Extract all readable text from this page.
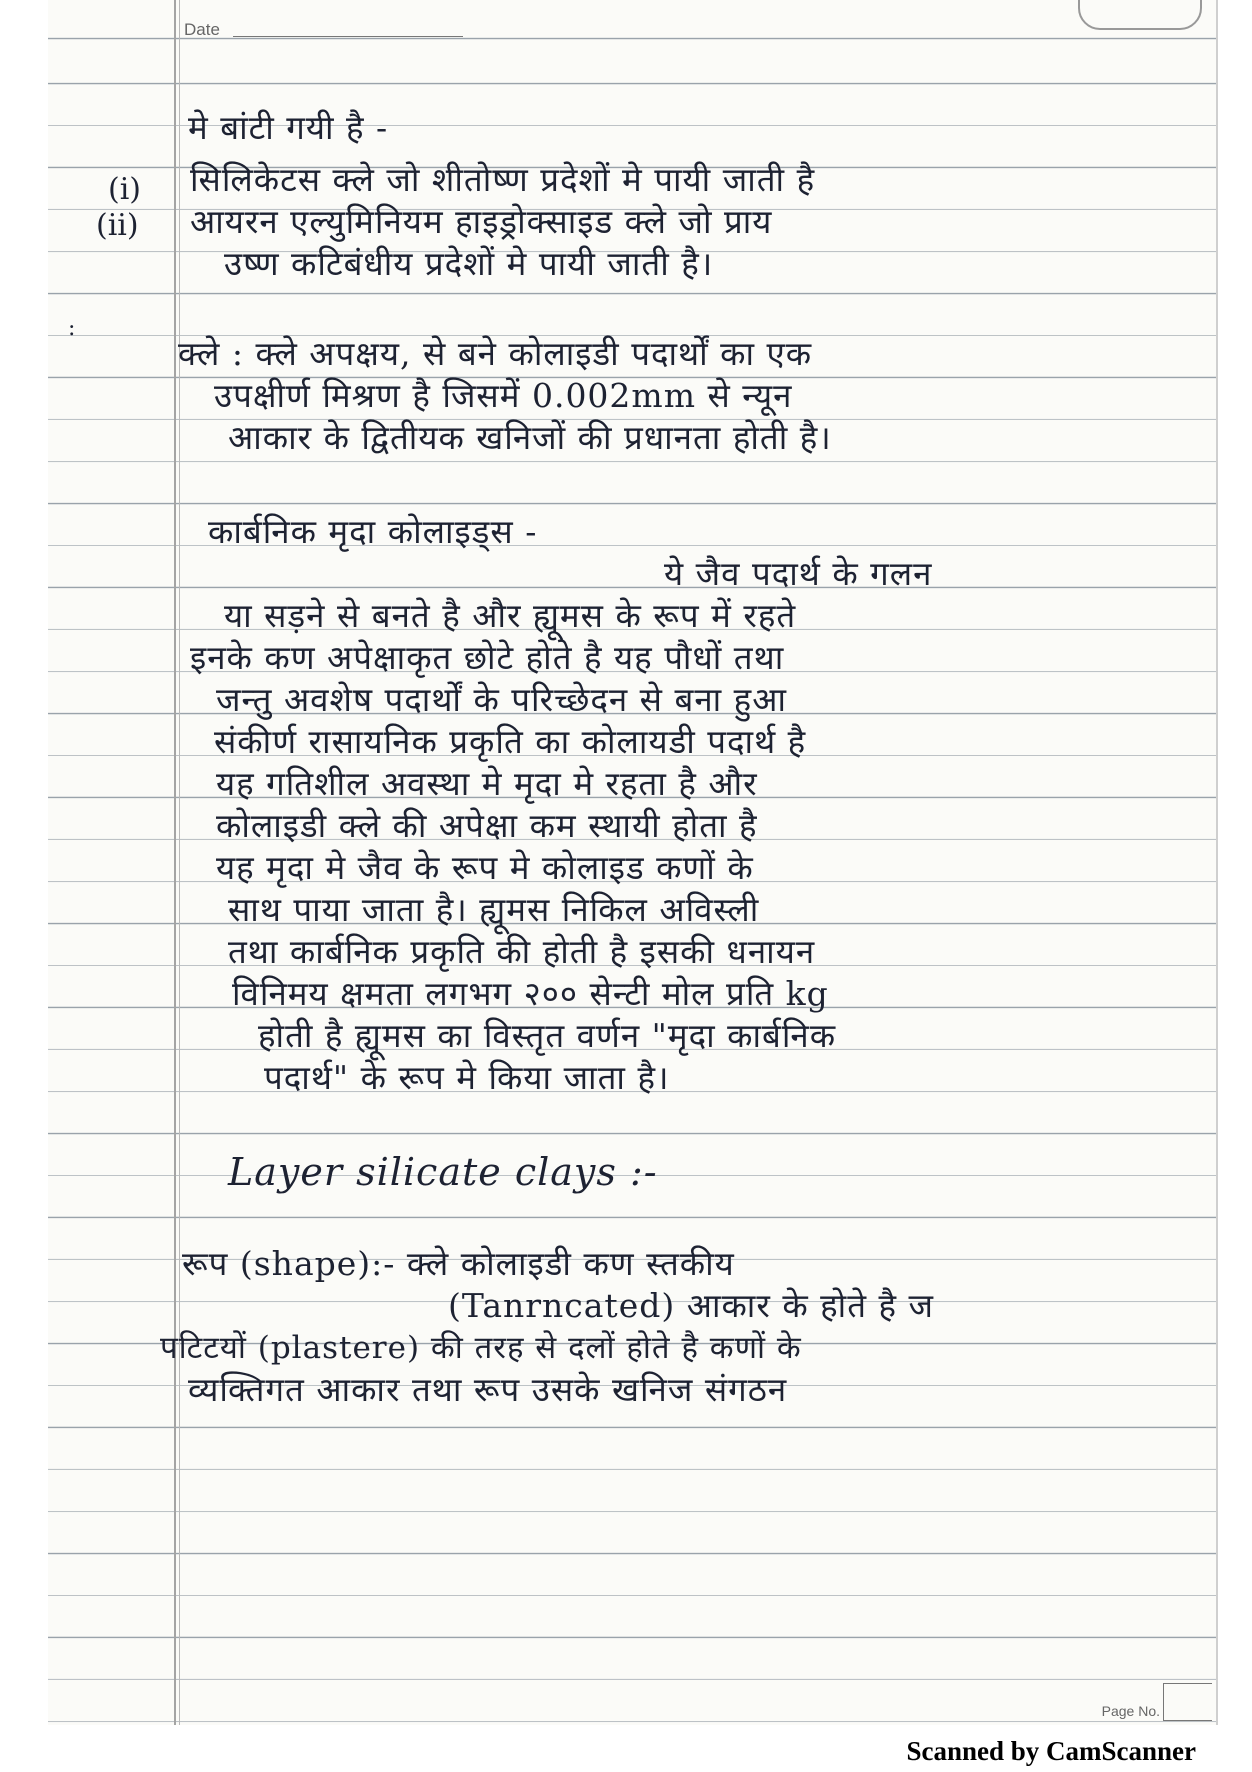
Date
(i)
(ii)
:
मे बांटी गयी है -
सिलिकेटस क्ले जो शीतोष्ण प्रदेशों मे पायी जाती है
आयरन एल्युमिनियम हाइड्रोक्साइड क्ले जो प्राय
उष्ण कटिबंधीय प्रदेशों मे पायी जाती है।
क्ले : क्ले अपक्षय, से बने कोलाइडी पदार्थों का एक
उपक्षीर्ण मिश्रण है जिसमें 0.002mm से न्यून
आकार के द्वितीयक खनिजों की प्रधानता होती है।
कार्बनिक मृदा कोलाइड्स -
ये जैव पदार्थ के गलन
या सड़ने से बनते है और ह्यूमस के रूप में रहते
इनके कण अपेक्षाकृत छोटे होते है यह पौधों तथा
जन्तु अवशेष पदार्थों के परिच्छेदन से बना हुआ
संकीर्ण रासायनिक प्रकृति का कोलायडी पदार्थ है
यह गतिशील अवस्था मे मृदा मे रहता है और
कोलाइडी क्ले की अपेक्षा कम स्थायी होता है
यह मृदा मे जैव के रूप मे कोलाइड कणों के
साथ पाया जाता है। ह्यूमस निकिल अविस्ली
तथा कार्बनिक प्रकृति की होती है इसकी धनायन
विनिमय क्षमता लगभग २०० सेन्टी मोल प्रति kg
होती है ह्यूमस का विस्तृत वर्णन "मृदा कार्बनिक
पदार्थ" के रूप मे किया जाता है।
Layer silicate clays :-
रूप (shape):- क्ले कोलाइडी कण स्तकीय
(Tanrncated) आकार के होते है ज
पटिटयों (plastere) की तरह से दलों होते है कणों के
व्यक्तिगत आकार तथा रूप उसके खनिज संगठन
Page No.
Scanned by CamScanner
